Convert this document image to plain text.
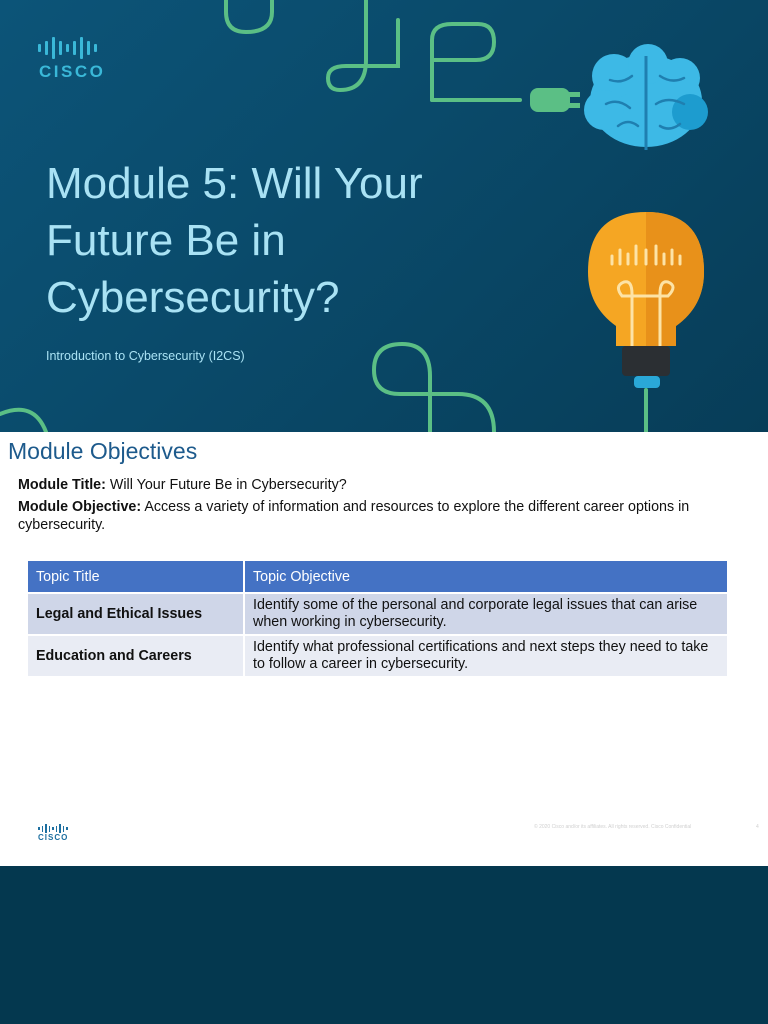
CISCO
Module 5: Will Your Future Be in Cybersecurity?
Introduction to Cybersecurity (I2CS)
Module Objectives

Module Title: Will Your Future Be in Cybersecurity?

Module Objective: Access a variety of information and resources to explore the different career options in cybersecurity.

Topic Title	Topic Objective
Legal and Ethical Issues	Identify some of the personal and corporate legal issues that can arise when working in cybersecurity.
Education and Careers	Identify what professional certifications and next steps they need to take to follow a career in cybersecurity.
CISCO
© 2020 Cisco and/or its affiliates. All rights reserved. Cisco Confidential	4
